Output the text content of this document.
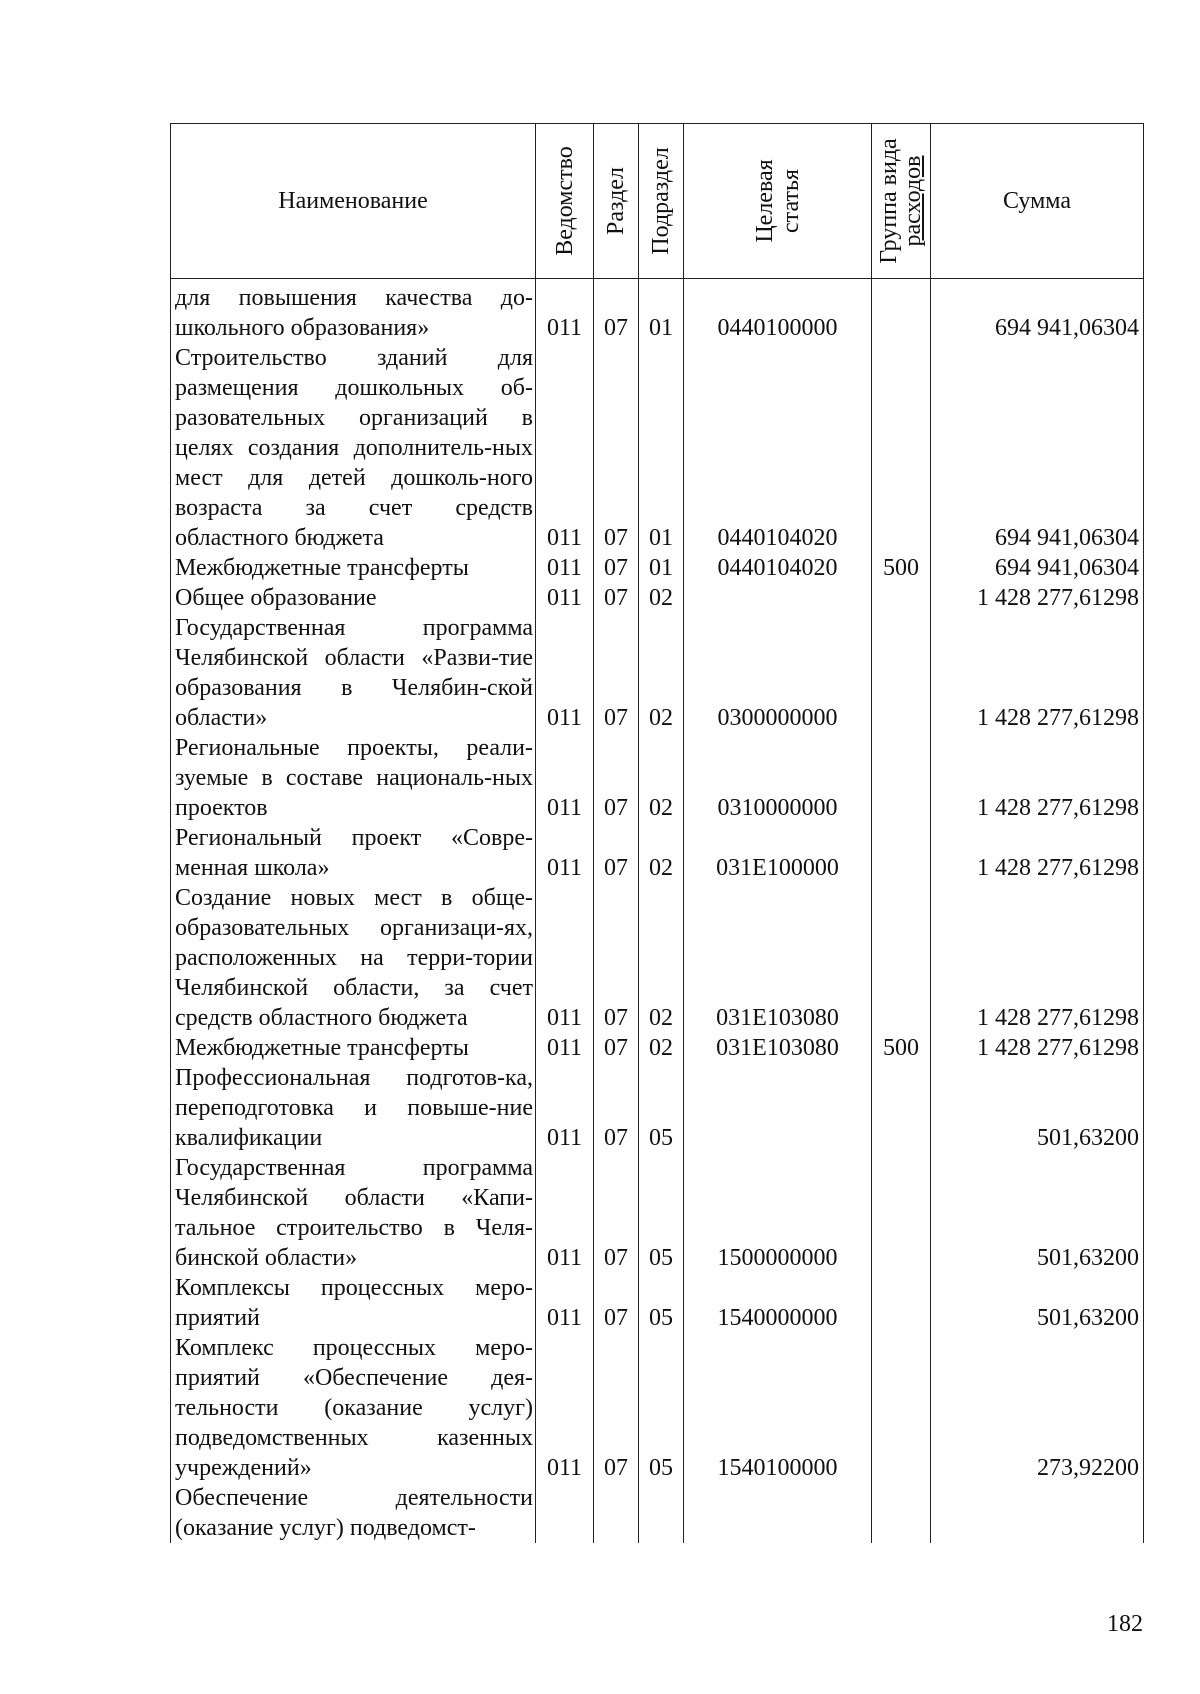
Наименование	Ведомство	Раздел	Подраздел	Целевая
статья	Группа вида
расходов	Сумма
для повышения качества до-школьного образования»	011	07	01	0440100000		694 941,06304
Строительство зданий для размещения дошкольных об-разовательных организаций в целях создания дополнитель-ных мест для детей дошколь-ного возраста за счет средств областного бюджета	011	07	01	0440104020		694 941,06304
Межбюджетные трансферты	011	07	01	0440104020	500	694 941,06304
Общее образование	011	07	02			1 428 277,61298
Государственная программа Челябинской области «Разви-тие образования в Челябин-ской области»	011	07	02	0300000000		1 428 277,61298
Региональные проекты, реали-зуемые в составе националь-ных проектов	011	07	02	0310000000		1 428 277,61298
Региональный проект «Совре-менная школа»	011	07	02	031Е100000		1 428 277,61298
Создание новых мест в обще-образовательных организаци-ях, расположенных на терри-тории Челябинской области, за счет средств областного бюджета	011	07	02	031Е103080		1 428 277,61298
Межбюджетные трансферты	011	07	02	031Е103080	500	1 428 277,61298
Профессиональная подготов-ка, переподготовка и повыше-ние квалификации	011	07	05			501,63200
Государственная программа Челябинской области «Капи-тальное строительство в Челя-бинской области»	011	07	05	1500000000		501,63200
Комплексы процессных меро-приятий	011	07	05	1540000000		501,63200
Комплекс процессных меро-приятий «Обеспечение дея-тельности (оказание услуг) подведомственных казенных учреждений»	011	07	05	1540100000		273,92200
Обеспечение деятельности (оказание услуг) подведомст-						
182
